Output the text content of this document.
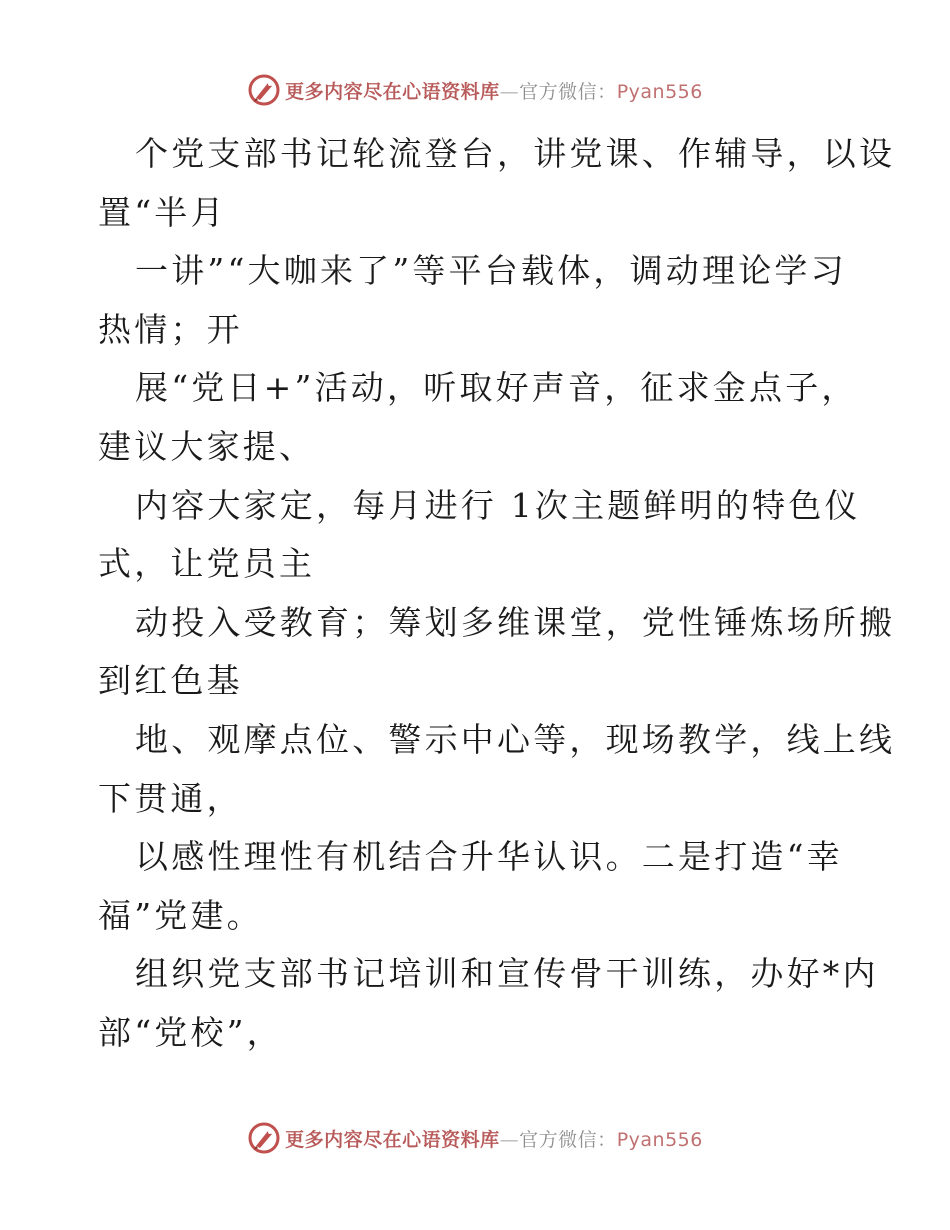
更多内容尽在心语资料库—官方微信：Pyan556
个党支部书记轮流登台，讲党课、作辅导，以设
置“半月
一讲”“大咖来了”等平台载体，调动理论学习
热情；开
展“党日+”活动，听取好声音，征求金点子，
建议大家提、
内容大家定，每月进行 1次主题鲜明的特色仪
式，让党员主
动投入受教育；筹划多维课堂，党性锤炼场所搬
到红色基
地、观摩点位、警示中心等，现场教学，线上线
下贯通，
以感性理性有机结合升华认识。二是打造“幸
福”党建。
组织党支部书记培训和宣传骨干训练，办好*内
部“党校”，
更多内容尽在心语资料库—官方微信：Pyan556
